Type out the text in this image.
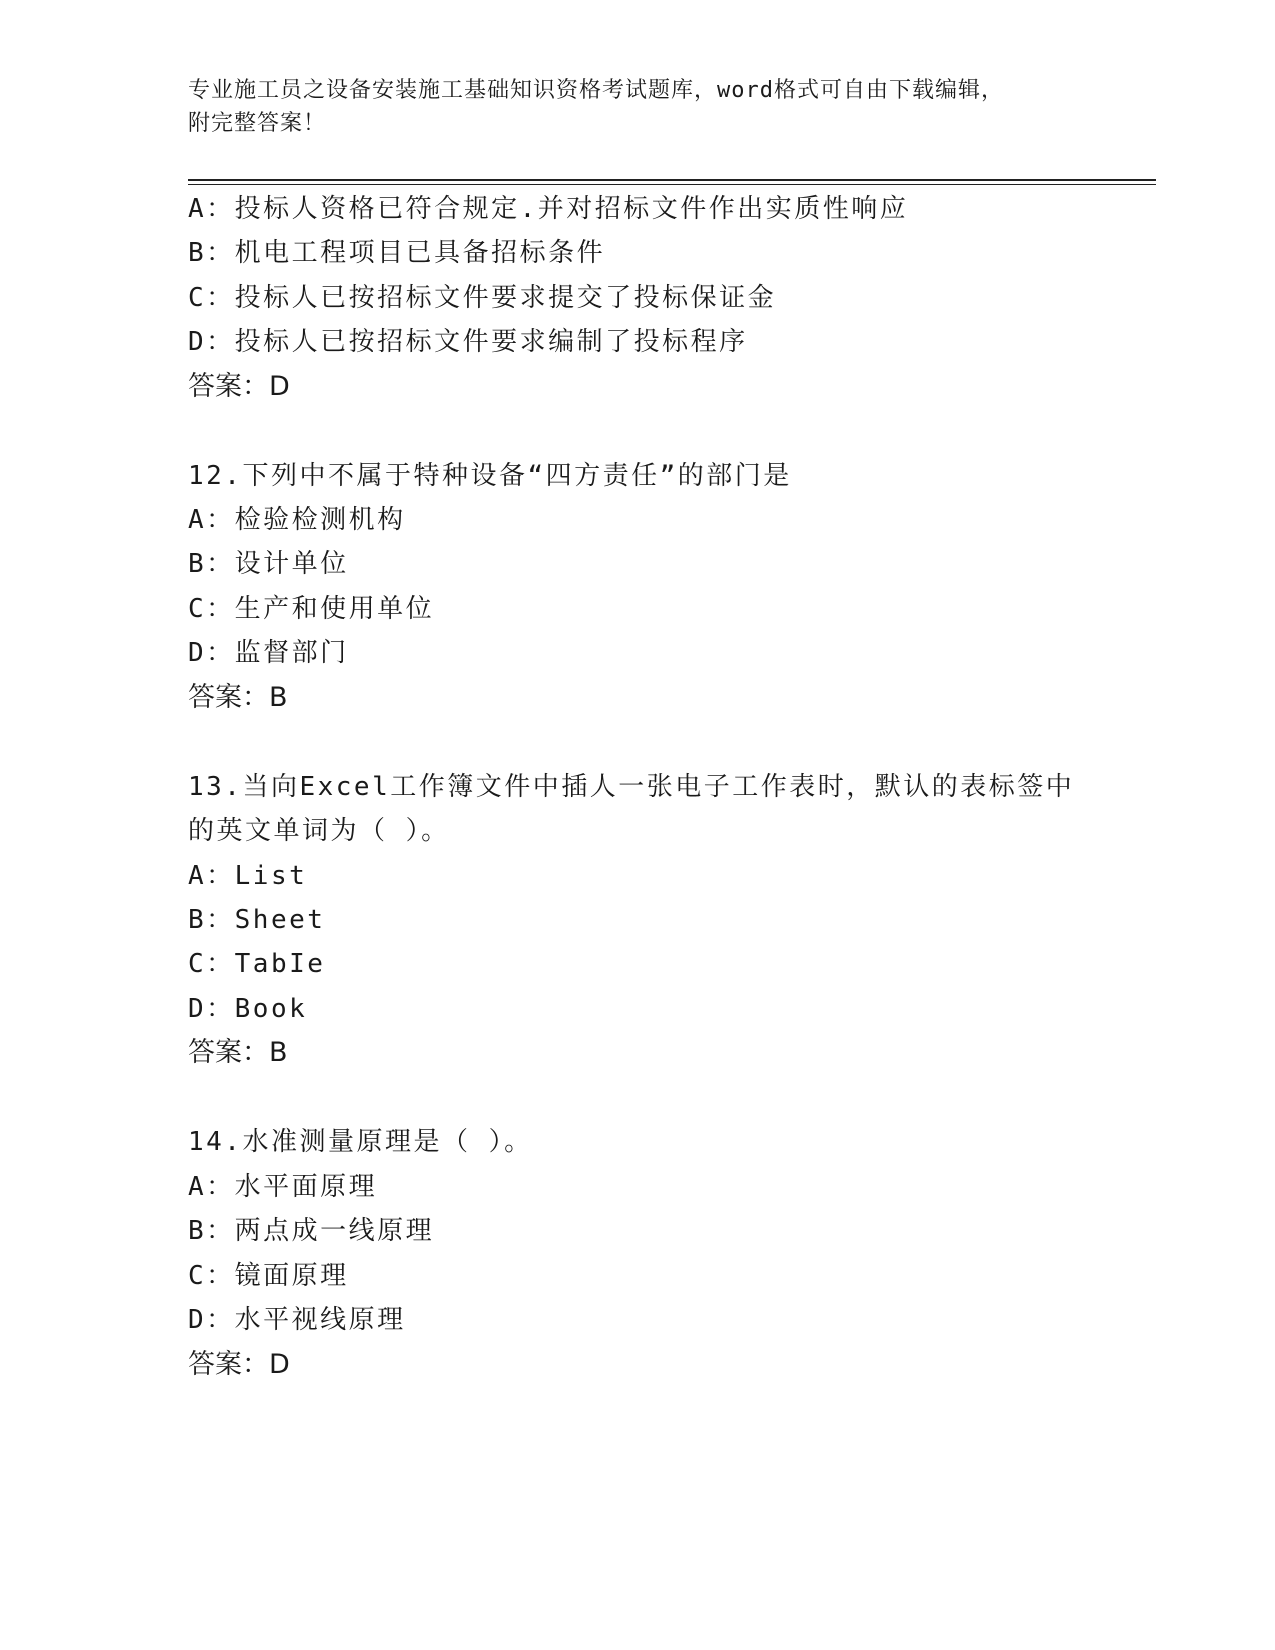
专业施工员之设备安装施工基础知识资格考试题库，word格式可自由下载编辑，
附完整答案！
A：投标人资格已符合规定.并对招标文件作出实质性响应
B：机电工程项目已具备招标条件
C：投标人已按招标文件要求提交了投标保证金
D：投标人已按招标文件要求编制了投标程序
答案：D
12.下列中不属于特种设备“四方责任”的部门是
A：检验检测机构
B：设计单位
C：生产和使用单位
D：监督部门
答案：B
13.当向Excel工作簿文件中插人一张电子工作表时，默认的表标签中
的英文单词为（ ）。
A：List
B：Sheet
C：TabIe
D：Book
答案：B
14.水准测量原理是（ ）。
A：水平面原理
B：两点成一线原理
C：镜面原理
D：水平视线原理
答案：D
